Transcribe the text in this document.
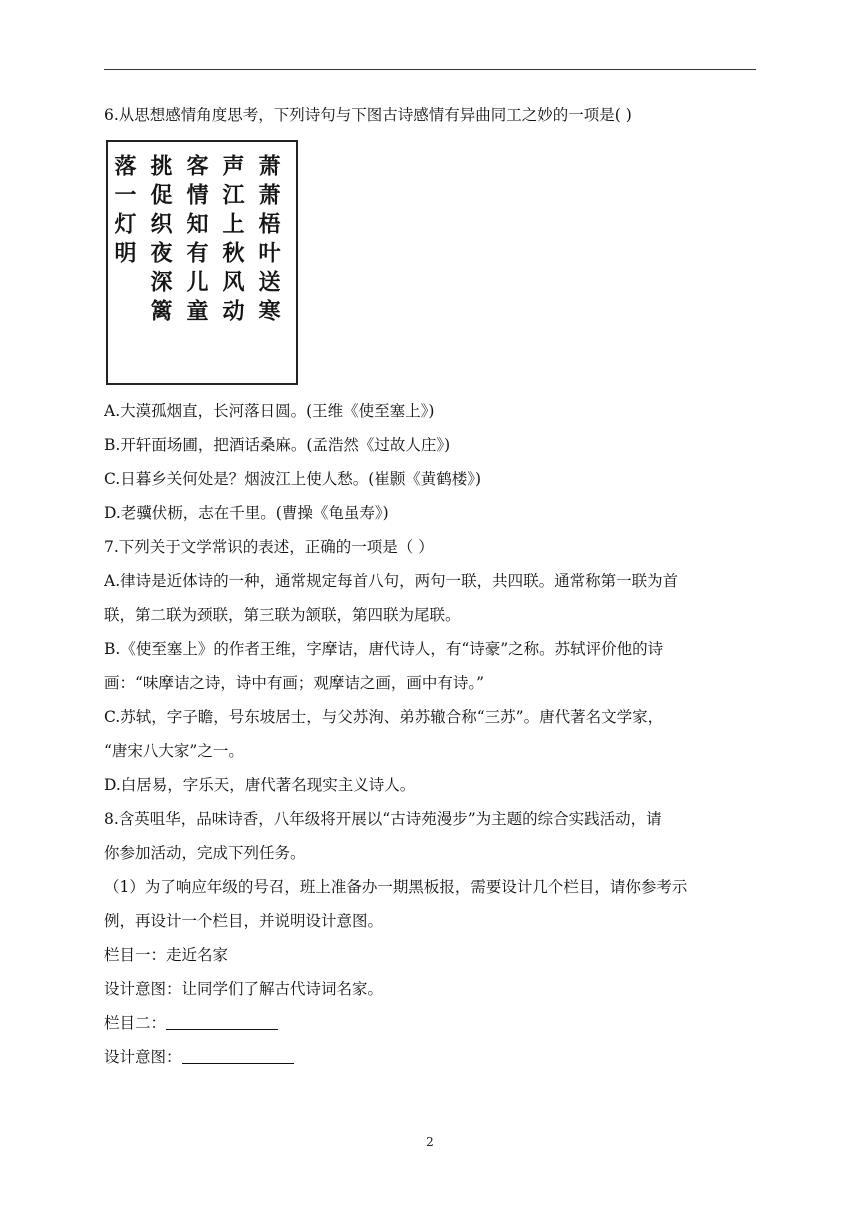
6.从思想感情角度思考，下列诗句与下图古诗感情有异曲同工之妙的一项是( )
萧萧梧叶送寒
声江上秋风动
客情知有儿童
挑促织夜深篱
落一灯明
A.大漠孤烟直，长河落日圆。(王维《使至塞上》)
B.开轩面场圃，把酒话桑麻。(孟浩然《过故人庄》)
C.日暮乡关何处是？烟波江上使人愁。(崔颢《黄鹤楼》)
D.老骥伏枥，志在千里。(曹操《龟虽寿》)
7.下列关于文学常识的表述，正确的一项是（ ）
A.律诗是近体诗的一种，通常规定每首八句，两句一联，共四联。通常称第一联为首
联，第二联为颈联，第三联为颔联，第四联为尾联。
B.《使至塞上》的作者王维，字摩诘，唐代诗人，有“诗豪”之称。苏轼评价他的诗
画：“味摩诘之诗，诗中有画；观摩诘之画，画中有诗。”
C.苏轼，字子瞻，号东坡居士，与父苏洵、弟苏辙合称“三苏”。唐代著名文学家，
“唐宋八大家”之一。
D.白居易，字乐天，唐代著名现实主义诗人。
8.含英咀华，品味诗香，八年级将开展以“古诗苑漫步”为主题的综合实践活动，请
你参加活动，完成下列任务。
（1）为了响应年级的号召，班上准备办一期黑板报，需要设计几个栏目，请你参考示
例，再设计一个栏目，并说明设计意图。
栏目一：走近名家
设计意图：让同学们了解古代诗词名家。
栏目二：
设计意图：
2
